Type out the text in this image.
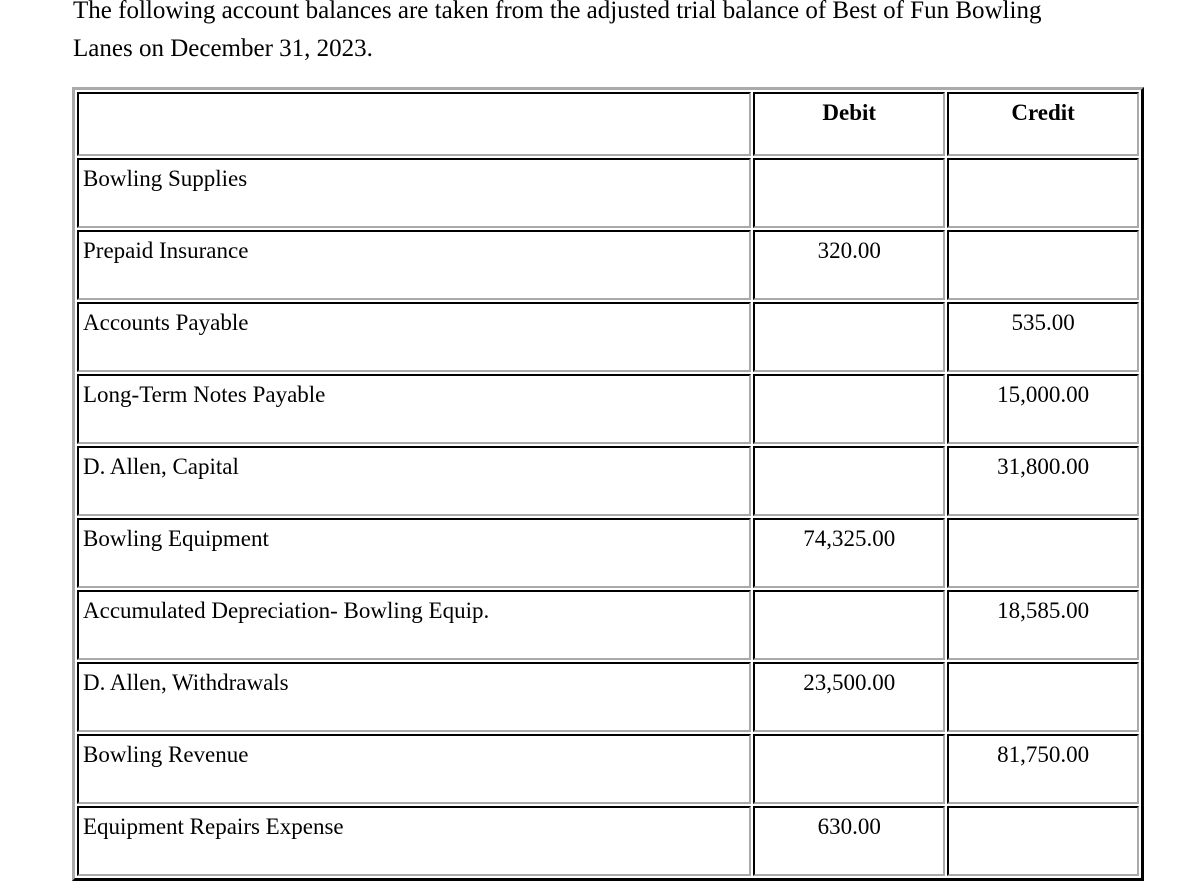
The following account balances are taken from the adjusted trial balance of Best of Fun Bowling
Lanes on December 31, 2023.

	Debit	Credit
Bowling Supplies		
Prepaid Insurance	320.00	
Accounts Payable		535.00
Long-Term Notes Payable		15,000.00
D. Allen, Capital		31,800.00
Bowling Equipment	74,325.00	
Accumulated Depreciation- Bowling Equip.		18,585.00
D. Allen, Withdrawals	23,500.00	
Bowling Revenue		81,750.00
Equipment Repairs Expense	630.00	
